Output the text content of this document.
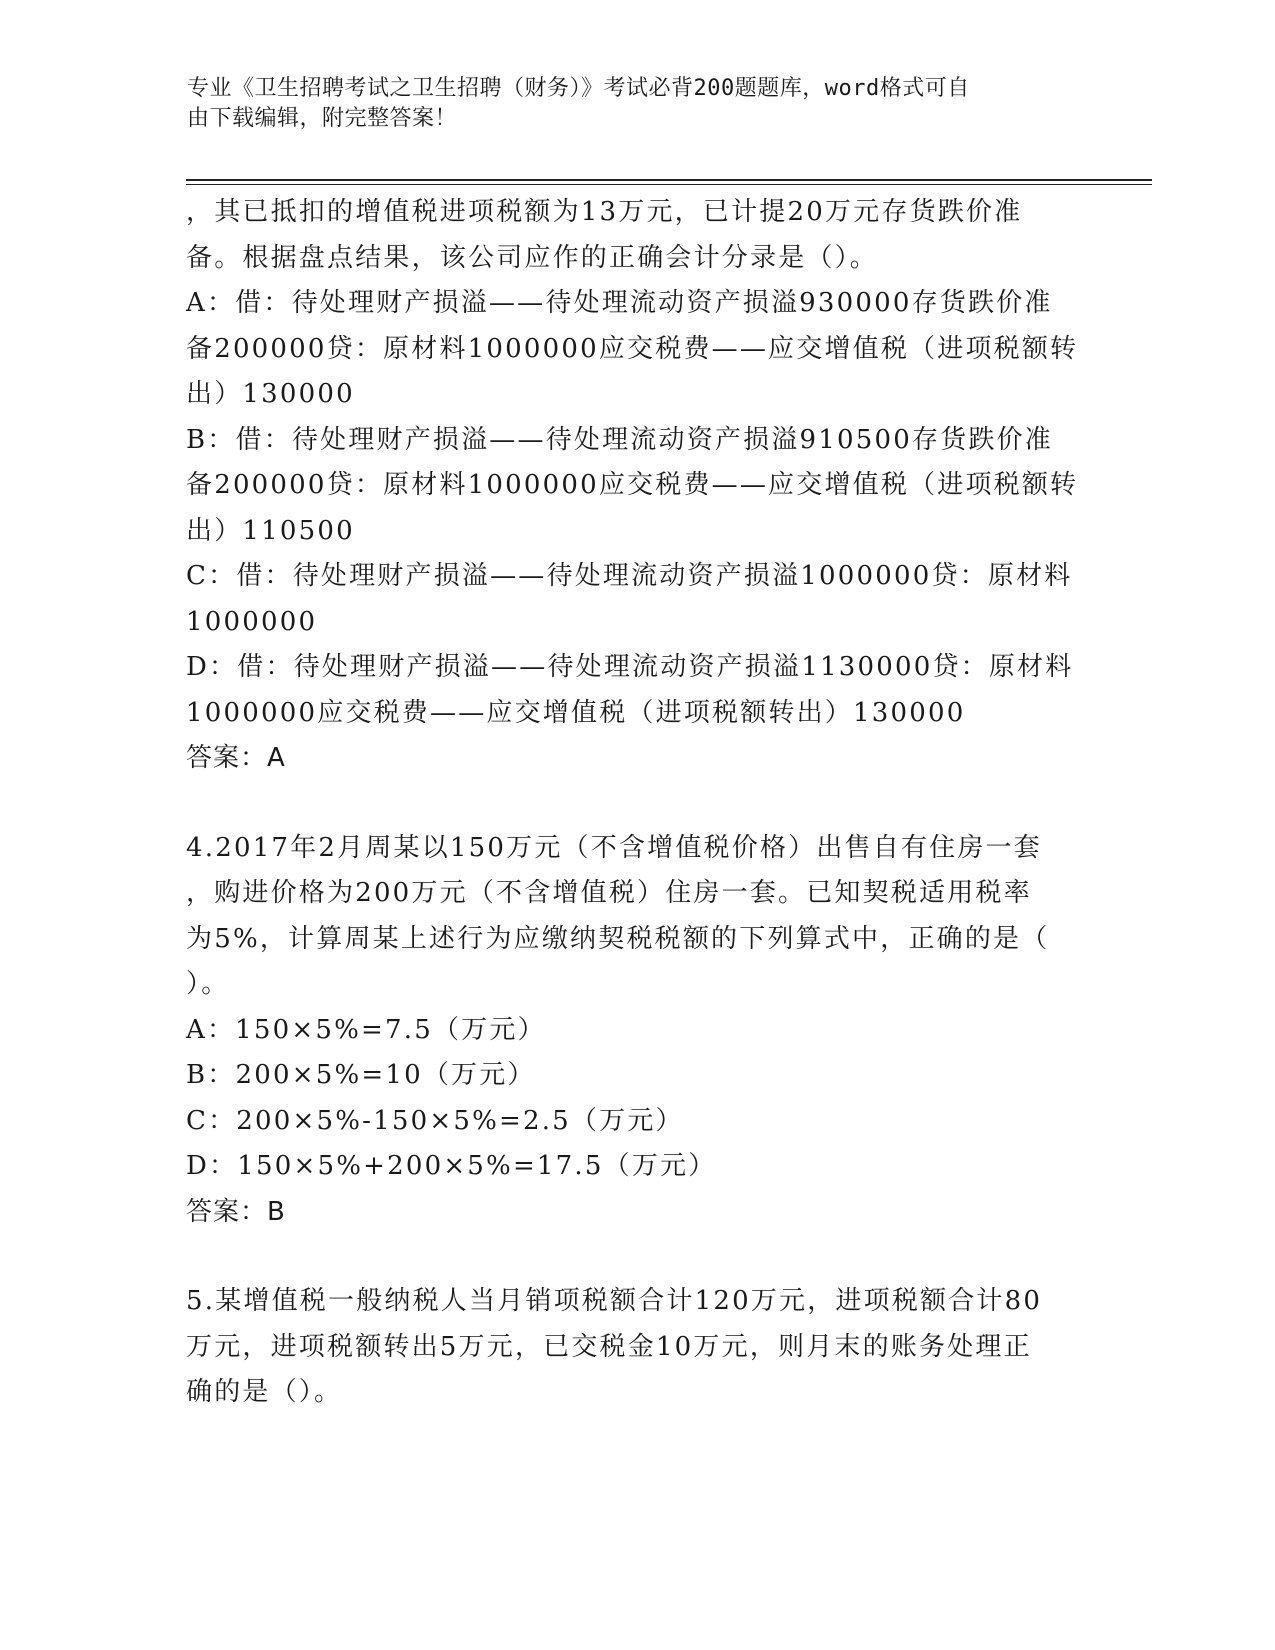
专业《卫生招聘考试之卫生招聘（财务）》考试必背200题题库，word格式可自
由下载编辑，附完整答案！
，其已抵扣的增值税进项税额为13万元，已计提20万元存货跌价准
备。根据盘点结果，该公司应作的正确会计分录是（）。
A：借：待处理财产损溢——待处理流动资产损溢930000存货跌价准
备200000贷：原材料1000000应交税费——应交增值税（进项税额转
出）130000
B：借：待处理财产损溢——待处理流动资产损溢910500存货跌价准
备200000贷：原材料1000000应交税费——应交增值税（进项税额转
出）110500
C：借：待处理财产损溢——待处理流动资产损溢1000000贷：原材料
1000000
D：借：待处理财产损溢——待处理流动资产损溢1130000贷：原材料
1000000应交税费——应交增值税（进项税额转出）130000
答案：A
4.2017年2月周某以150万元（不含增值税价格）出售自有住房一套
，购进价格为200万元（不含增值税）住房一套。已知契税适用税率
为5%，计算周某上述行为应缴纳契税税额的下列算式中，正确的是（
）。
A：150×5%=7.5（万元）
B：200×5%=10（万元）
C：200×5%-150×5%=2.5（万元）
D：150×5%+200×5%=17.5（万元）
答案：B
5.某增值税一般纳税人当月销项税额合计120万元，进项税额合计80
万元，进项税额转出5万元，已交税金10万元，则月末的账务处理正
确的是（）。
